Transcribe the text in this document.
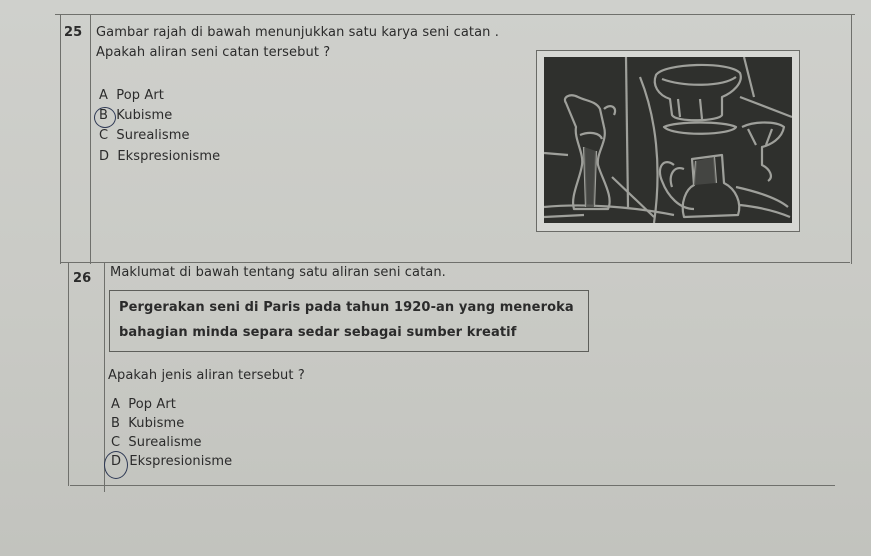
25 Gambar rajah di bawah menunjukkan satu karya seni catan .
Apakah aliran seni catan tersebut ?
A Pop Art
B Kubisme
C Surealisme
D Ekspresionisme
26 Maklumat di bawah tentang satu aliran seni catan.
Pergerakan seni di Paris pada tahun 1920-an yang meneroka
bahagian minda separa sedar sebagai sumber kreatif
Apakah jenis aliran tersebut ?
A Pop Art
B Kubisme
C Surealisme
D Ekspresionisme
